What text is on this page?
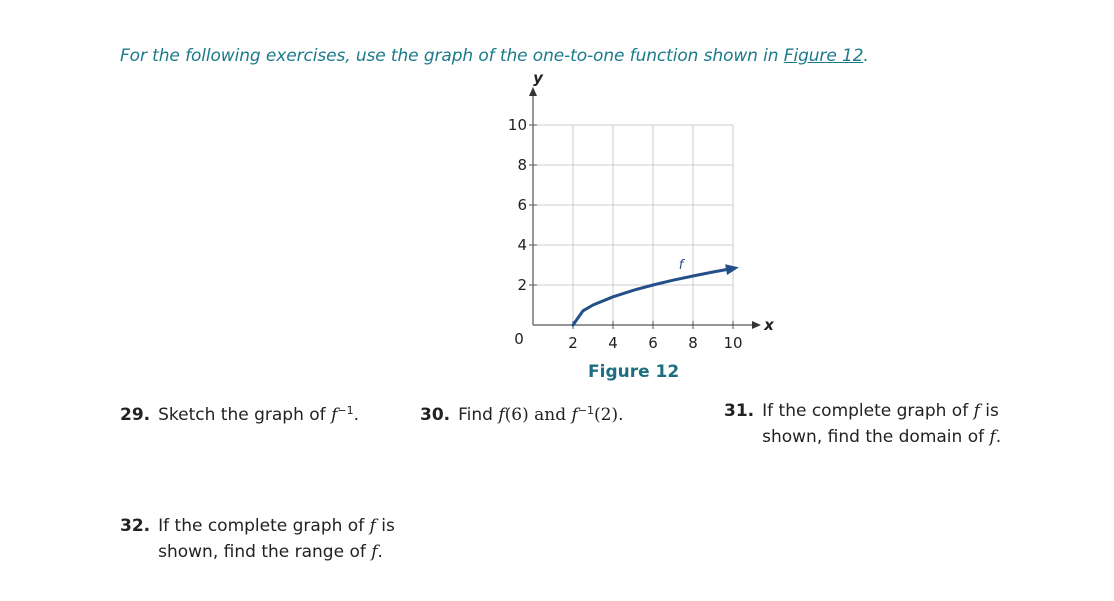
For the following exercises, use the graph of the one-to-one function shown in Figure 12.

y
x
2
4
6
8
10
2 4 6 8 10
0
f
Figure 12
29. Sketch the graph of $f^{-1}$.	30. Find f(6) and $f^{-1}(2)$.	31. If the complete graph of f is shown, find the domain of f.
32. If the complete graph of f is shown, find the range of f.
